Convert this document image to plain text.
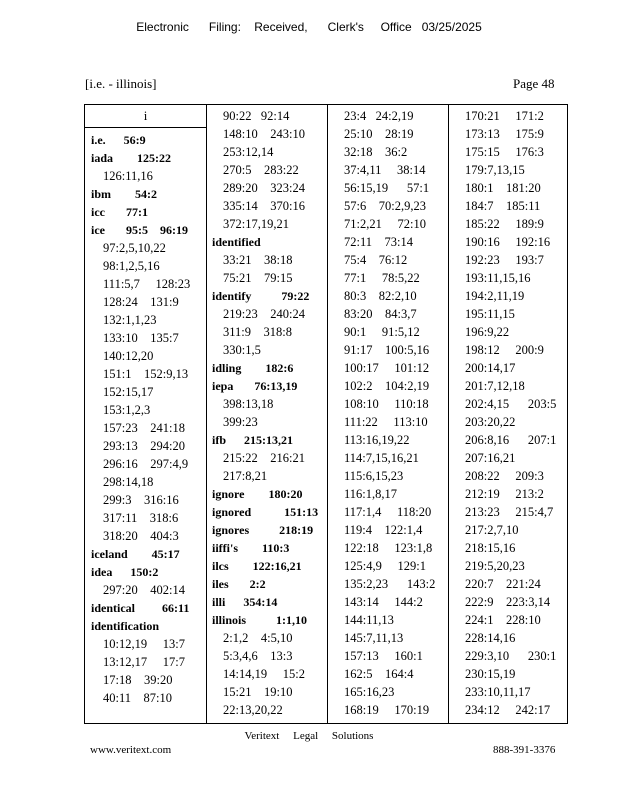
Electronic      Filing:    Received,      Clerk's     Office   03/25/2025
[i.e. - illinois]	Page 48
i
i.e.      56:9
iada        125:22
126:11,16
ibm        54:2
icc       77:1
ice       95:5    96:19
97:2,5,10,22
98:1,2,5,16
111:5,7     128:23
128:24    131:9
132:1,1,23
133:10    135:7
140:12,20
151:1    152:9,13
152:15,17
153:1,2,3
157:23    241:18
293:13    294:20
296:16    297:4,9
298:14,18
299:3    316:16
317:11    318:6
318:20    404:3
iceland        45:17
idea      150:2
297:20    402:14
identical         66:11
identification
10:12,19     13:7
13:12,17     17:7
17:18    39:20
40:11    87:10
90:22   92:14
148:10    243:10
253:12,14
270:5    283:22
289:20    323:24
335:14    370:16
372:17,19,21
identified
33:21    38:18
75:21    79:15
identify          79:22
219:23    240:24
311:9    318:8
330:1,5
idling        182:6
iepa       76:13,19
398:13,18
399:23
ifb      215:13,21
215:22    216:21
217:8,21
ignore        180:20
ignored           151:13
ignores          218:19
iiffi's        110:3
ilcs        122:16,21
iles       2:2
illi      354:14
illinois          1:1,10
2:1,2    4:5,10
5:3,4,6    13:3
14:14,19     15:2
15:21    19:10
22:13,20,22
23:4   24:2,19
25:10    28:19
32:18    36:2
37:4,11     38:14
56:15,19      57:1
57:6    70:2,9,23
71:2,21     72:10
72:11    73:14
75:4    76:12
77:1     78:5,22
80:3    82:2,10
83:20    84:3,7
90:1     91:5,12
91:17    100:5,16
100:17     101:12
102:2    104:2,19
108:10     110:18
111:22     113:10
113:16,19,22
114:7,15,16,21
115:6,15,23
116:1,8,17
117:1,4     118:20
119:4    122:1,4
122:18     123:1,8
125:4,9     129:1
135:2,23      143:2
143:14     144:2
144:11,13
145:7,11,13
157:13     160:1
162:5    164:4
165:16,23
168:19     170:19
170:21     171:2
173:13     175:9
175:15     176:3
179:7,13,15
180:1    181:20
184:7    185:11
185:22     189:9
190:16     192:16
192:23     193:7
193:11,15,16
194:2,11,19
195:11,15
196:9,22
198:12     200:9
200:14,17
201:7,12,18
202:4,15      203:5
203:20,22
206:8,16      207:1
207:16,21
208:22     209:3
212:19     213:2
213:23     215:4,7
217:2,7,10
218:15,16
219:5,20,23
220:7    221:24
222:9    223:3,14
224:1    228:10
228:14,16
229:3,10      230:1
230:15,19
233:10,11,17
234:12     242:17
Veritext     Legal     Solutions
www.veritext.com	888-391-3376
